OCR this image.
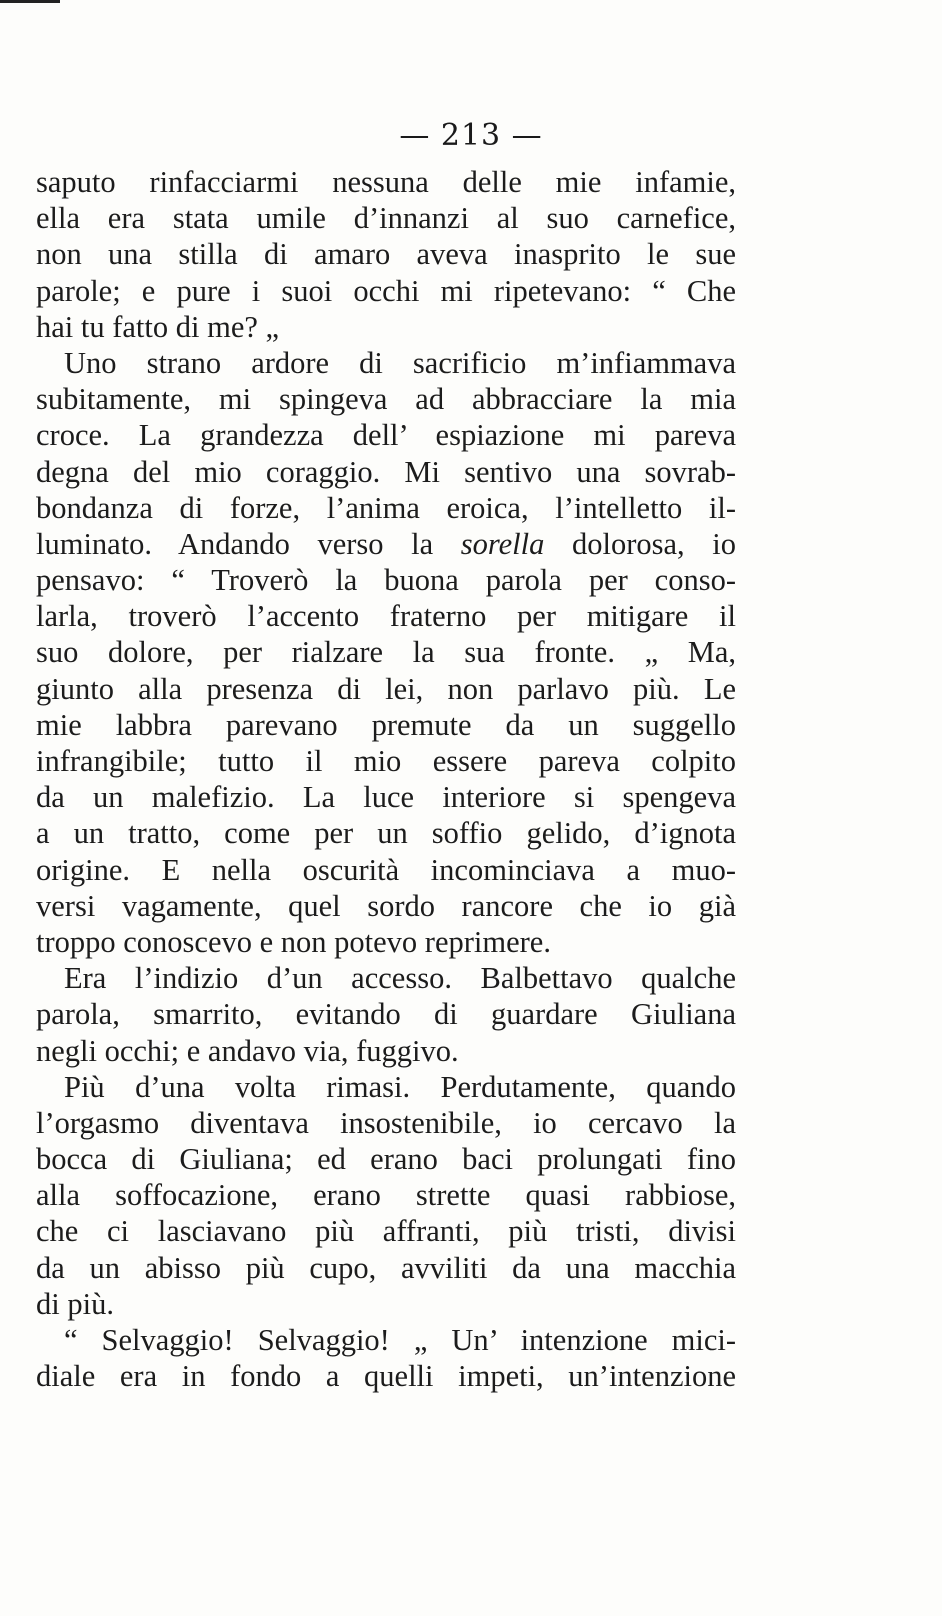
— 213 —
saputo rinfacciarmi nessuna delle mie infamie,
ella era stata umile d’innanzi al suo carnefice,
non una stilla di amaro aveva inasprito le sue
parole; e pure i suoi occhi mi ripetevano: “ Che
hai tu fatto di me? „
Uno strano ardore di sacrificio m’infiammava
subitamente, mi spingeva ad abbracciare la mia
croce. La grandezza dell’ espiazione mi pareva
degna del mio coraggio. Mi sentivo una sovrab-
bondanza di forze, l’anima eroica, l’intelletto il-
luminato. Andando verso la sorella dolorosa, io
pensavo: “ Troverò la buona parola per conso-
larla, troverò l’accento fraterno per mitigare il
suo dolore, per rialzare la sua fronte. „ Ma,
giunto alla presenza di lei, non parlavo più. Le
mie labbra parevano premute da un suggello
infrangibile; tutto il mio essere pareva colpito
da un malefizio. La luce interiore si spengeva
a un tratto, come per un soffio gelido, d’ignota
origine. E nella oscurità incominciava a muo-
versi vagamente, quel sordo rancore che io già
troppo conoscevo e non potevo reprimere.
Era l’indizio d’un accesso. Balbettavo qualche
parola, smarrito, evitando di guardare Giuliana
negli occhi; e andavo via, fuggivo.
Più d’una volta rimasi. Perdutamente, quando
l’orgasmo diventava insostenibile, io cercavo la
bocca di Giuliana; ed erano baci prolungati fino
alla soffocazione, erano strette quasi rabbiose,
che ci lasciavano più affranti, più tristi, divisi
da un abisso più cupo, avviliti da una macchia
di più.
“ Selvaggio! Selvaggio! „ Un’ intenzione mici-
diale era in fondo a quelli impeti, un’intenzione
